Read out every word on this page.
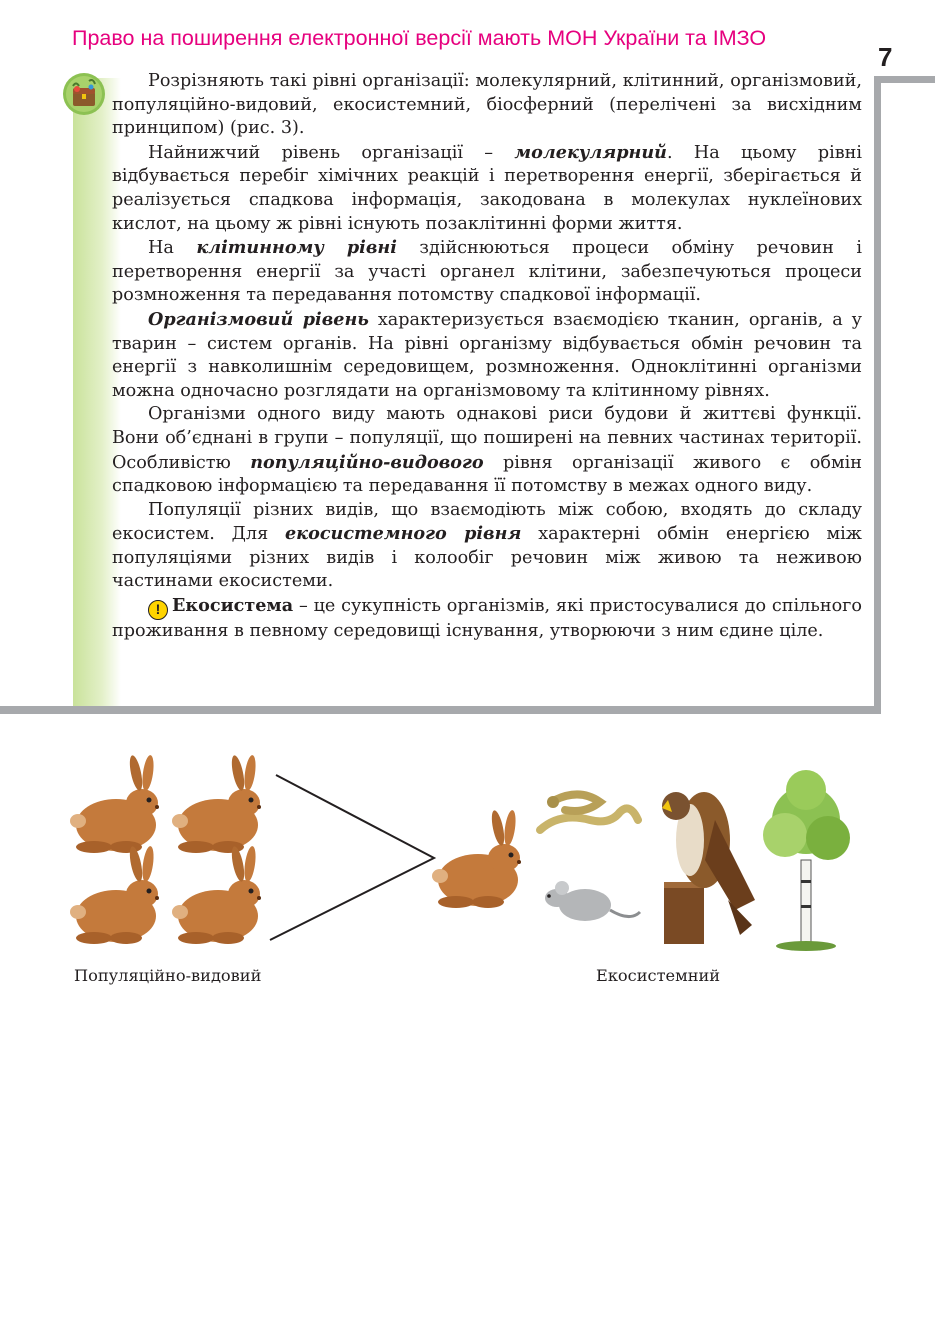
Право на поширення електронної версії мають МОН України та ІМЗО
7

Розрізняють такі рівні організації: молекулярний, клітинний, організмовий, популяційно-видовий, екосистемний, біосферний (перелічені за висхідним принципом) (рис. 3).

Найнижчий рівень організації – молекулярний. На цьому рівні відбувається перебіг хімічних реакцій і перетворення енергії, зберігається й реалізується спадкова інформація, закодована в молекулах нуклеїнових кислот, на цьому ж рівні існують позаклітинні форми життя.

На клітинному рівні здійснюються процеси обміну речовин і перетворення енергії за участі органел клітини, забезпечуються процеси розмноження та передавання потомству спадкової інформації.

Організмовий рівень характеризується взаємодією тканин, органів, а у тварин – систем органів. На рівні організму відбувається обмін речовин та енергії з навколишнім середовищем, розмноження. Одноклітинні організми можна одночасно розглядати на організмовому та клітинному рівнях.

Організми одного виду мають однакові риси будови й життєві функції. Вони об’єднані в групи – популяції, що поширені на певних частинах території. Особливістю популяційно-видового рівня організації живого є обмін спадковою інформацією та передавання її потомству в межах одного виду.

Популяції різних видів, що взаємодіють між собою, входять до складу екосистем. Для екосистемного рівня характерні обмін енергією між популяціями різних видів і колообіг речовин між живою та неживою частинами екосистеми.

! Екосистема – це сукупність організмів, які пристосувалися до спільного проживання в певному середовищі існування, утворюючи з ним єдине ціле.

Популяційно-видовий	Екосистемний
